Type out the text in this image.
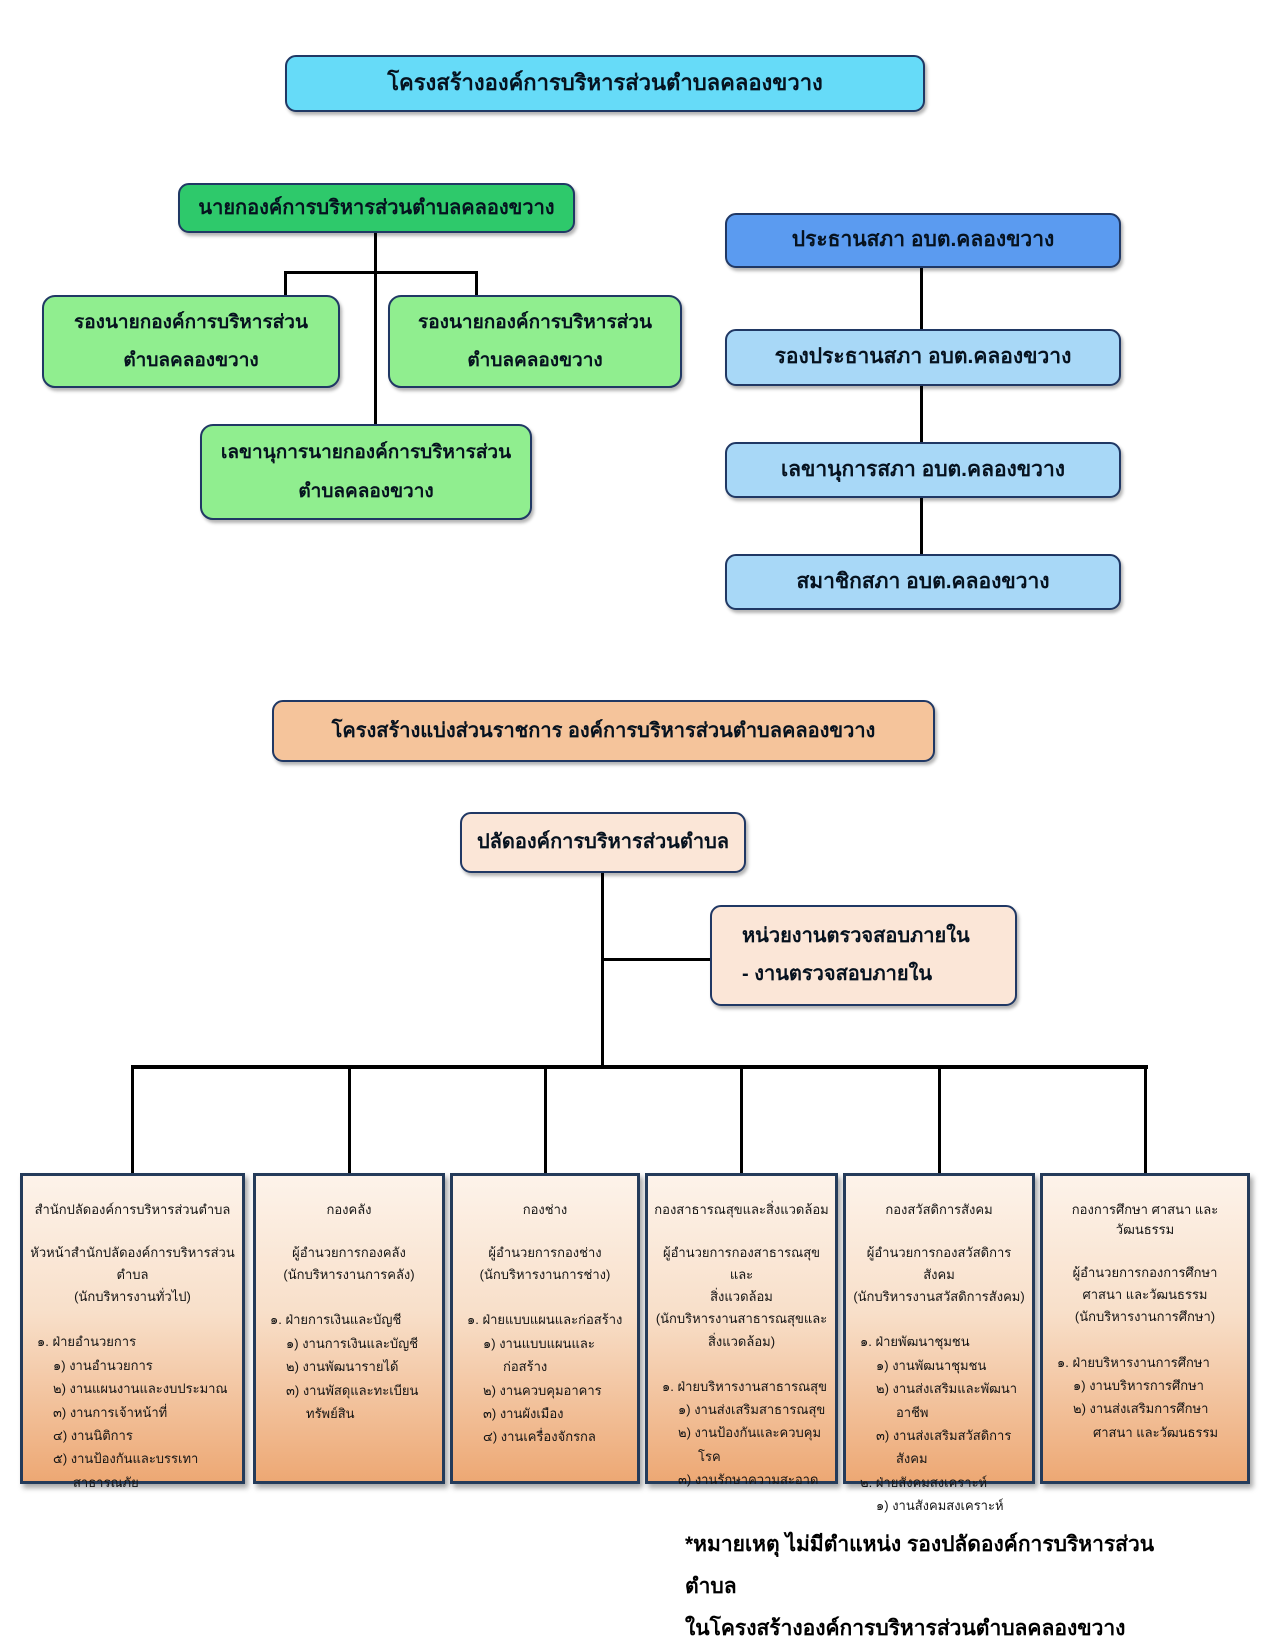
โครงสร้างองค์การบริหารส่วนตำบลคลองขวาง
นายกองค์การบริหารส่วนตำบลคลองขวาง
รองนายกองค์การบริหารส่วน
ตำบลคลองขวาง
รองนายกองค์การบริหารส่วน
ตำบลคลองขวาง
เลขานุการนายกองค์การบริหารส่วน
ตำบลคลองขวาง
ประธานสภา อบต.คลองขวาง
รองประธานสภา อบต.คลองขวาง
เลขานุการสภา อบต.คลองขวาง
สมาชิกสภา อบต.คลองขวาง
โครงสร้างแบ่งส่วนราชการ องค์การบริหารส่วนตำบลคลองขวาง
ปลัดองค์การบริหารส่วนตำบล
หน่วยงานตรวจสอบภายใน
- งานตรวจสอบภายใน
สำนักปลัดองค์การบริหารส่วนตำบล
หัวหน้าสำนักปลัดองค์การบริหารส่วนตำบล
(นักบริหารงานทั่วไป)
๑. ฝ่ายอำนวยการ
๑) งานอำนวยการ
๒) งานแผนงานและงบประมาณ
๓) งานการเจ้าหน้าที่
๔) งานนิติการ
๕) งานป้องกันและบรรเทาสาธารณภัย
กองคลัง
ผู้อำนวยการกองคลัง
(นักบริหารงานการคลัง)
๑. ฝ่ายการเงินและบัญชี
๑) งานการเงินและบัญชี
๒) งานพัฒนารายได้
๓) งานพัสดุและทะเบียน ทรัพย์สิน
กองช่าง
ผู้อำนวยการกองช่าง
(นักบริหารงานการช่าง)
๑. ฝ่ายแบบแผนและก่อสร้าง
๑) งานแบบแผนและก่อสร้าง
๒) งานควบคุมอาคาร
๓) งานผังเมือง
๔) งานเครื่องจักรกล
กองสาธารณสุขและสิ่งแวดล้อม
ผู้อำนวยการกองสาธารณสุขและ
สิ่งแวดล้อม
(นักบริหารงานสาธารณสุขและ
สิ่งแวดล้อม)
๑. ฝ่ายบริหารงานสาธารณสุข
๑) งานส่งเสริมสาธารณสุข
๒) งานป้องกันและควบคุมโรค
๓) งานรักษาความสะอาด
กองสวัสดิการสังคม
ผู้อำนวยการกองสวัสดิการสังคม
(นักบริหารงานสวัสดิการสังคม)
๑. ฝ่ายพัฒนาชุมชน
๑) งานพัฒนาชุมชน
๒) งานส่งเสริมและพัฒนาอาชีพ
๓) งานส่งเสริมสวัสดิการสังคม
๒. ฝ่ายสังคมสงเคราะห์
๑) งานสังคมสงเคราะห์
กองการศึกษา ศาสนา และ
วัฒนธรรม
ผู้อำนวยการกองการศึกษา
ศาสนา และวัฒนธรรม
(นักบริหารงานการศึกษา)
๑. ฝ่ายบริหารงานการศึกษา
๑) งานบริหารการศึกษา
๒) งานส่งเสริมการศึกษา ศาสนา และวัฒนธรรม
*หมายเหตุ ไม่มีตำแหน่ง รองปลัดองค์การบริหารส่วนตำบล
ในโครงสร้างองค์การบริหารส่วนตำบลคลองขวาง
